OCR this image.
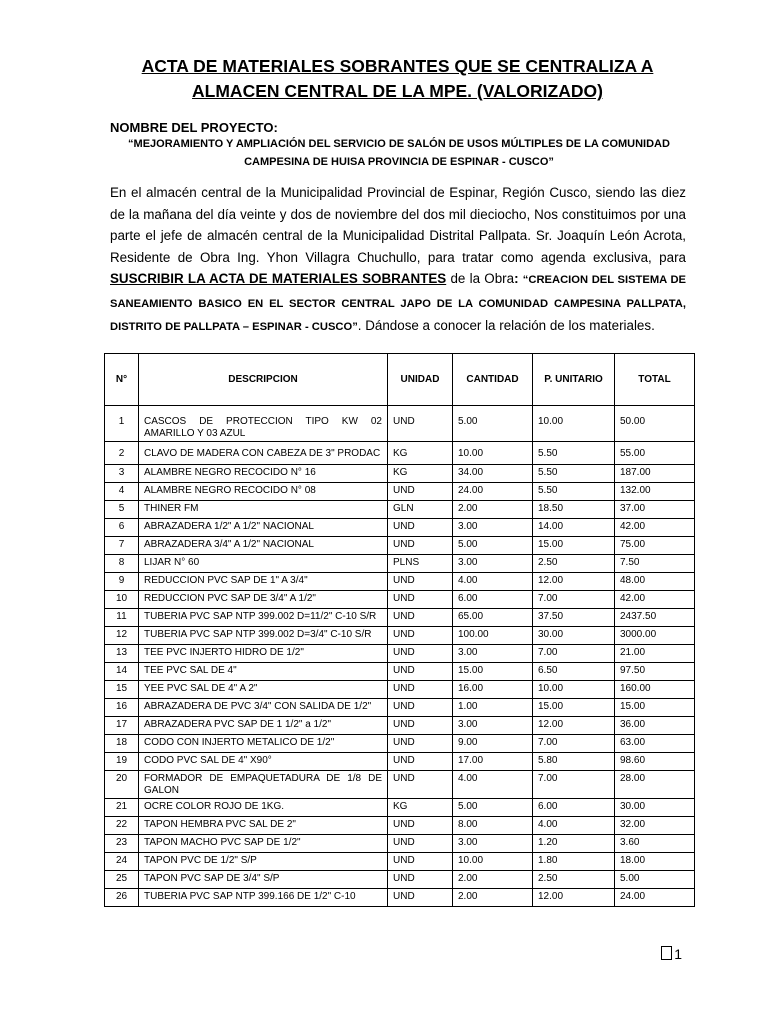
ACTA DE MATERIALES SOBRANTES QUE SE CENTRALIZA A
ALMACEN CENTRAL DE LA MPE. (VALORIZADO)
NOMBRE DEL PROYECTO:
“MEJORAMIENTO Y AMPLIACIÓN DEL SERVICIO DE SALÓN DE USOS MÚLTIPLES DE LA COMUNIDAD CAMPESINA DE HUISA PROVINCIA DE ESPINAR - CUSCO”
En el almacén central de la Municipalidad Provincial de Espinar, Región Cusco, siendo las diez de la mañana del día veinte y dos de noviembre del dos mil dieciocho, Nos constituimos por una parte el jefe de almacén central de la Municipalidad Distrital Pallpata. Sr. Joaquín León Acrota, Residente de Obra Ing. Yhon Villagra Chuchullo, para tratar como agenda exclusiva, para SUSCRIBIR LA ACTA DE MATERIALES SOBRANTES de la Obra: “CREACION DEL SISTEMA DE SANEAMIENTO BASICO EN EL SECTOR CENTRAL JAPO DE LA COMUNIDAD CAMPESINA PALLPATA, DISTRITO DE PALLPATA – ESPINAR - CUSCO”. Dándose a conocer la relación de los materiales.
N°	DESCRIPCION	UNIDAD	CANTIDAD	P. UNITARIO	TOTAL
1	CASCOS DE PROTECCION TIPO KW 02 AMARILLO Y 03 AZUL	UND	5.00	10.00	50.00
2	CLAVO DE MADERA CON CABEZA DE 3" PRODAC	KG	10.00	5.50	55.00
3	ALAMBRE NEGRO RECOCIDO N° 16	KG	34.00	5.50	187.00
4	ALAMBRE NEGRO RECOCIDO N° 08	UND	24.00	5.50	132.00
5	THINER FM	GLN	2.00	18.50	37.00
6	ABRAZADERA 1/2" A 1/2" NACIONAL	UND	3.00	14.00	42.00
7	ABRAZADERA 3/4" A 1/2" NACIONAL	UND	5.00	15.00	75.00
8	LIJAR N° 60	PLNS	3.00	2.50	7.50
9	REDUCCION PVC SAP DE 1" A 3/4"	UND	4.00	12.00	48.00
10	REDUCCION PVC SAP DE 3/4" A 1/2"	UND	6.00	7.00	42.00
11	TUBERIA PVC SAP NTP 399.002 D=11/2" C-10 S/R	UND	65.00	37.50	2437.50
12	TUBERIA PVC SAP NTP 399.002 D=3/4" C-10 S/R	UND	100.00	30.00	3000.00
13	TEE PVC INJERTO HIDRO DE 1/2"	UND	3.00	7.00	21.00
14	TEE PVC SAL DE 4"	UND	15.00	6.50	97.50
15	YEE PVC SAL DE 4" A 2"	UND	16.00	10.00	160.00
16	ABRAZADERA DE PVC 3/4" CON SALIDA DE 1/2"	UND	1.00	15.00	15.00
17	ABRAZADERA PVC SAP DE 1 1/2" a 1/2"	UND	3.00	12.00	36.00
18	CODO CON INJERTO METALICO DE 1/2"	UND	9.00	7.00	63.00
19	CODO PVC SAL DE 4" X90°	UND	17.00	5.80	98.60
20	FORMADOR DE EMPAQUETADURA DE 1/8 DE GALON	UND	4.00	7.00	28.00
21	OCRE COLOR ROJO DE 1KG.	KG	5.00	6.00	30.00
22	TAPON HEMBRA PVC SAL DE 2"	UND	8.00	4.00	32.00
23	TAPON MACHO PVC SAP DE 1/2"	UND	3.00	1.20	3.60
24	TAPON PVC DE 1/2" S/P	UND	10.00	1.80	18.00
25	TAPON PVC SAP DE 3/4" S/P	UND	2.00	2.50	5.00
26	TUBERIA PVC SAP NTP 399.166 DE 1/2" C-10	UND	2.00	12.00	24.00
1
